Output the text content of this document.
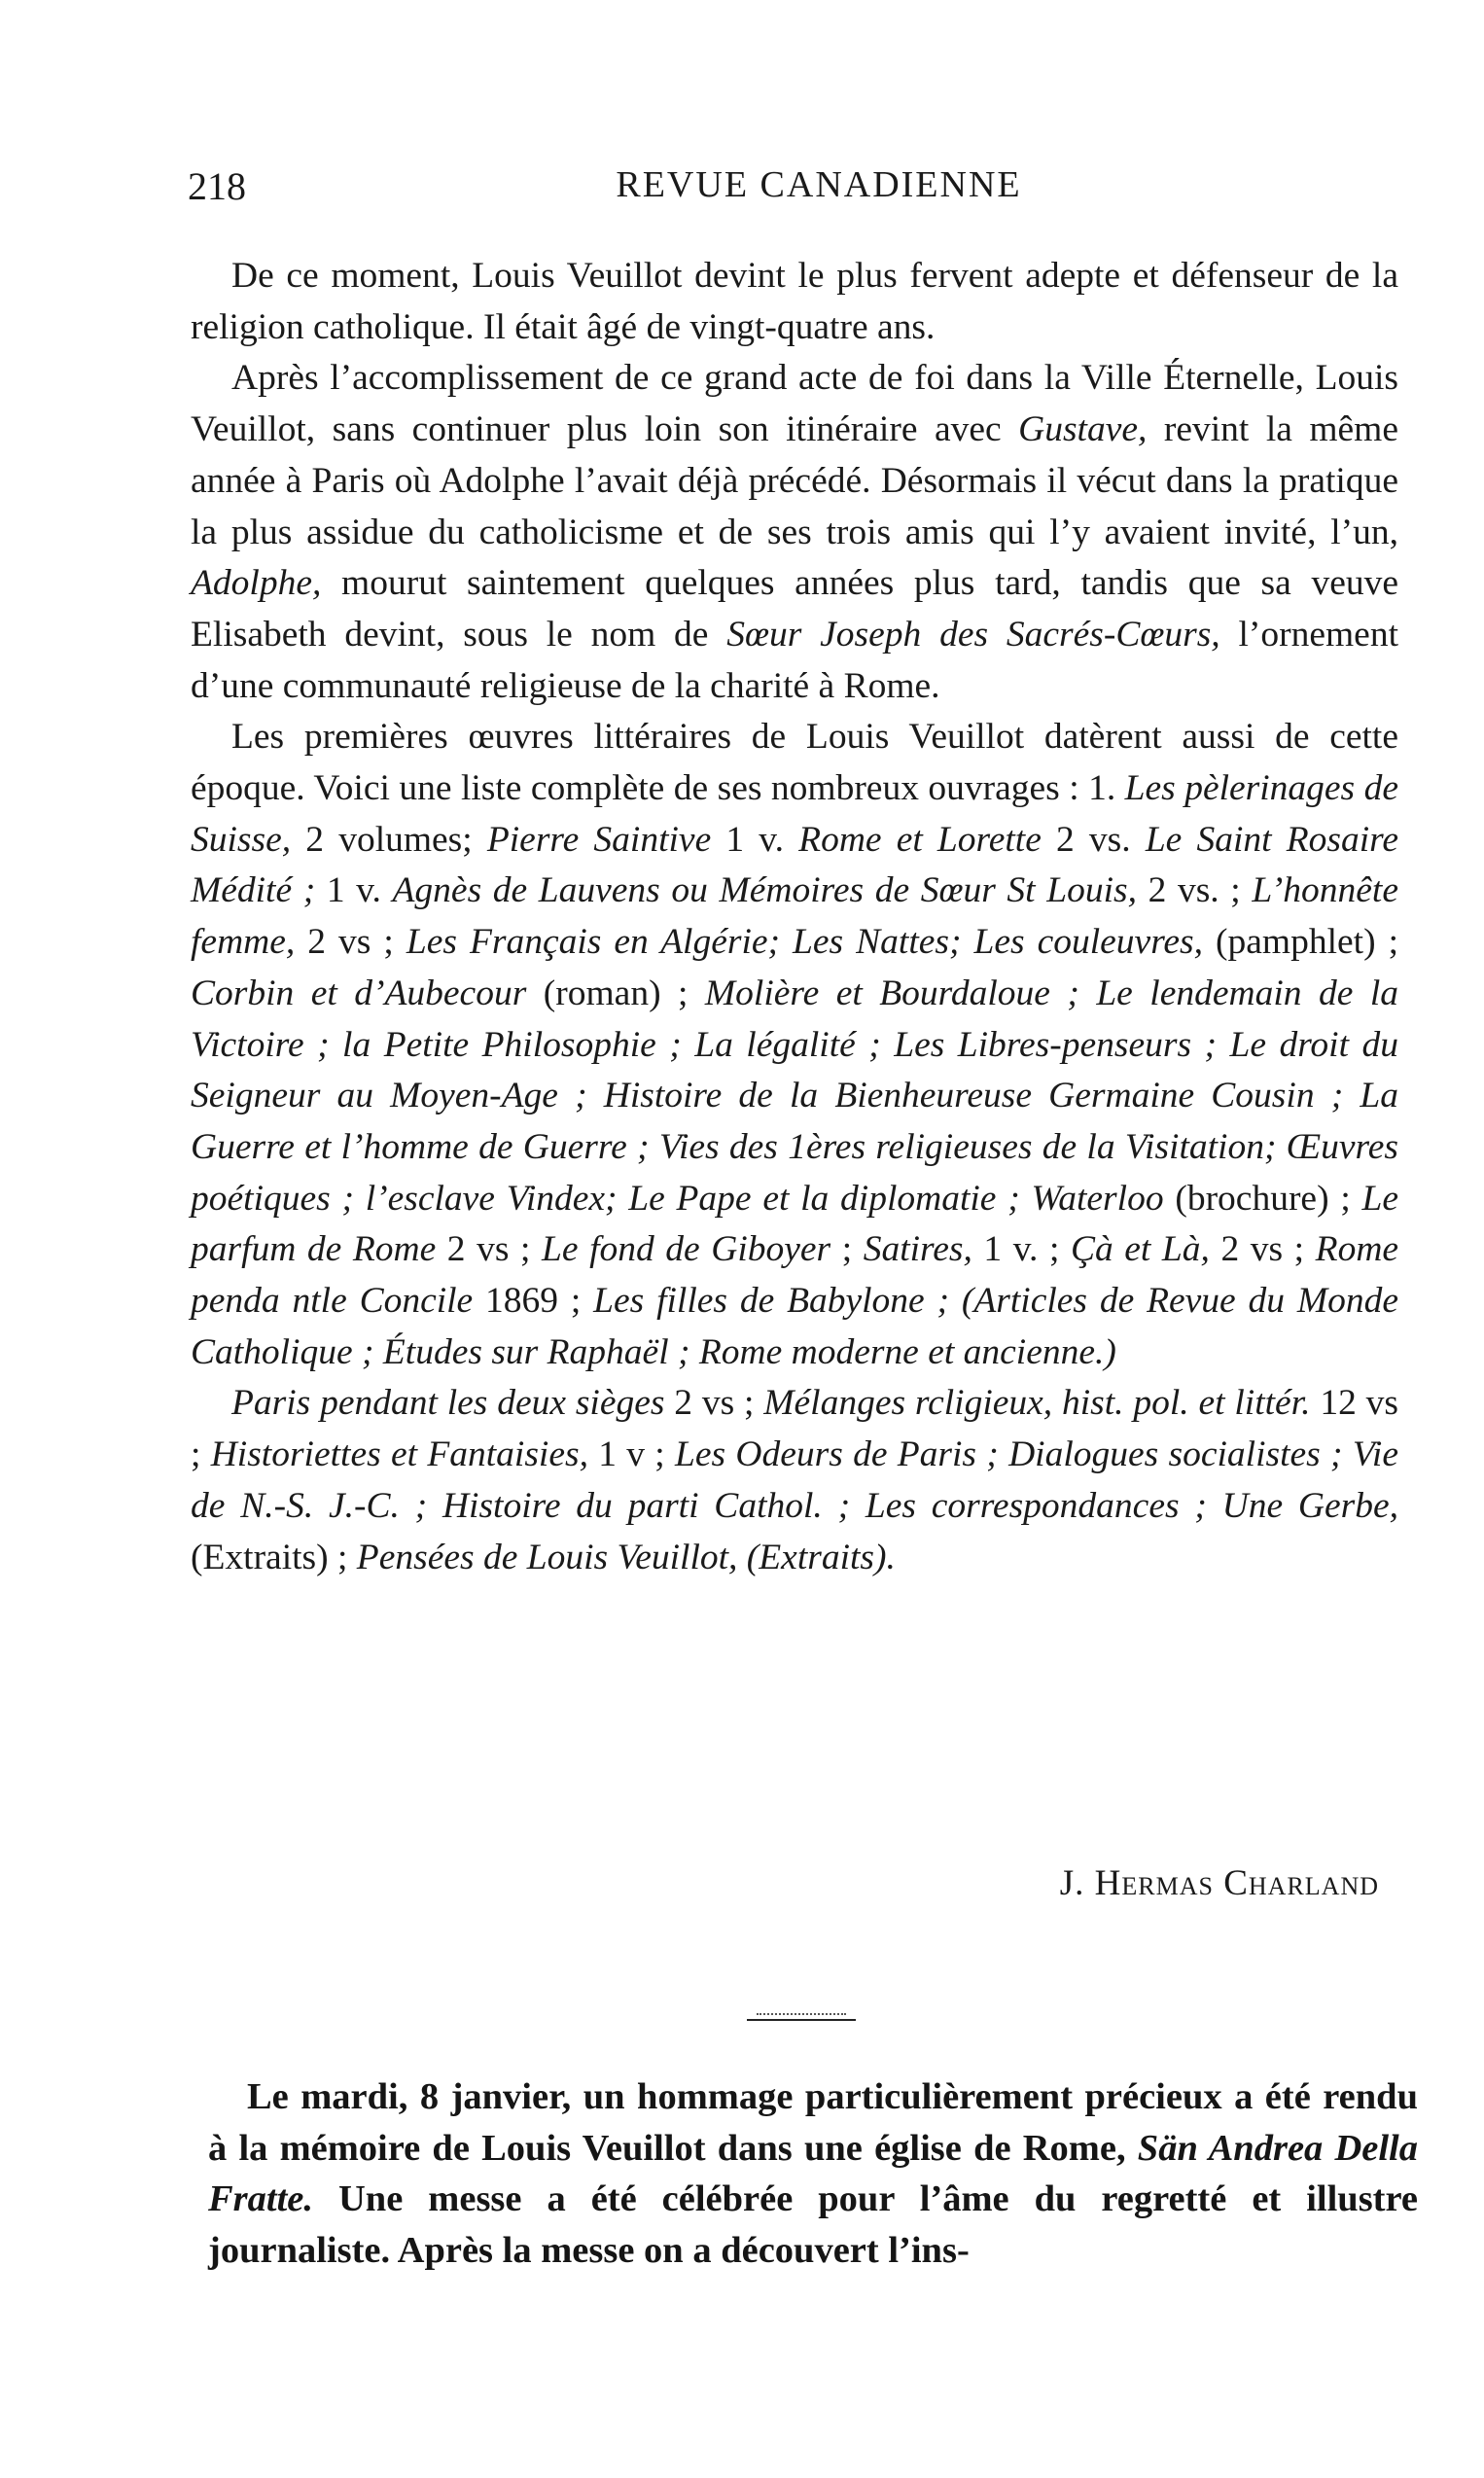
218	REVUE CANADIENNE

De ce moment, Louis Veuillot devint le plus fervent adepte et défenseur de la religion catholique. Il était âgé de vingt-quatre ans.

Après l’accomplissement de ce grand acte de foi dans la Ville Éternelle, Louis Veuillot, sans continuer plus loin son itinéraire avec Gustave, revint la même année à Paris où Adolphe l’avait déjà précédé. Désormais il vécut dans la pratique la plus assidue du catholicisme et de ses trois amis qui l’y avaient invité, l’un, Adolphe, mourut saintement quelques années plus tard, tandis que sa veuve Elisabeth devint, sous le nom de Sœur Joseph des Sacrés-Cœurs, l’ornement d’une communauté religieuse de la charité à Rome.

Les premières œuvres littéraires de Louis Veuillot datèrent aussi de cette époque. Voici une liste complète de ses nombreux ouvrages : 1. Les pèlerinages de Suisse, 2 volumes; Pierre Saintive 1 v. Rome et Lorette 2 vs. Le Saint Rosaire Médité ; 1 v. Agnès de Lauvens ou Mémoires de Sœur St Louis, 2 vs. ; L’honnête femme, 2 vs ; Les Français en Algérie; Les Nattes; Les couleuvres, (pamphlet) ; Corbin et d’Aubecour (roman) ; Molière et Bourdaloue ; Le lendemain de la Victoire ; la Petite Philosophie ; La légalité ; Les Libres-penseurs ; Le droit du Seigneur au Moyen-Age ; Histoire de la Bienheureuse Germaine Cousin ; La Guerre et l’homme de Guerre ; Vies des 1ères religieuses de la Visitation; Œuvres poétiques ; l’esclave Vindex; Le Pape et la diplomatie ; Waterloo (brochure) ; Le parfum de Rome 2 vs ; Le fond de Giboyer ; Satires, 1 v. ; Çà et Là, 2 vs ; Rome penda ntle Concile 1869 ; Les filles de Babylone ; (Articles de Revue du Monde Catholique ; Études sur Raphaël ; Rome moderne et ancienne.)

Paris pendant les deux sièges 2 vs ; Mélanges rcligieux, hist. pol. et littér. 12 vs ; Historiettes et Fantaisies, 1 v ; Les Odeurs de Paris ; Dialogues socialistes ; Vie de N.-S. J.-C. ; Histoire du parti Cathol. ; Les correspondances ; Une Gerbe, (Extraits) ; Pensées de Louis Veuillot, (Extraits).

J. Hermas Charland

Le mardi, 8 janvier, un hommage particulièrement précieux a été rendu à la mémoire de Louis Veuillot dans une église de Rome, Sän Andrea Della Fratte. Une messe a été célébrée pour l’âme du regretté et illustre journaliste. Après la messe on a découvert l’ins-
